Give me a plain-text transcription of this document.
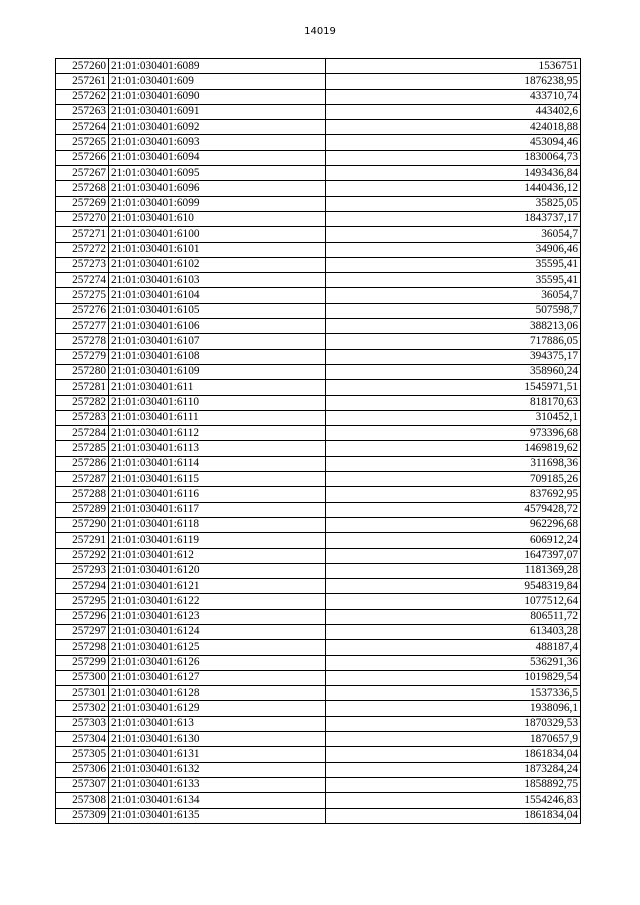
14019
257260	21:01:030401:6089	1536751
257261	21:01:030401:609	1876238,95
257262	21:01:030401:6090	433710,74
257263	21:01:030401:6091	443402,6
257264	21:01:030401:6092	424018,88
257265	21:01:030401:6093	453094,46
257266	21:01:030401:6094	1830064,73
257267	21:01:030401:6095	1493436,84
257268	21:01:030401:6096	1440436,12
257269	21:01:030401:6099	35825,05
257270	21:01:030401:610	1843737,17
257271	21:01:030401:6100	36054,7
257272	21:01:030401:6101	34906,46
257273	21:01:030401:6102	35595,41
257274	21:01:030401:6103	35595,41
257275	21:01:030401:6104	36054,7
257276	21:01:030401:6105	507598,7
257277	21:01:030401:6106	388213,06
257278	21:01:030401:6107	717886,05
257279	21:01:030401:6108	394375,17
257280	21:01:030401:6109	358960,24
257281	21:01:030401:611	1545971,51
257282	21:01:030401:6110	818170,63
257283	21:01:030401:6111	310452,1
257284	21:01:030401:6112	973396,68
257285	21:01:030401:6113	1469819,62
257286	21:01:030401:6114	311698,36
257287	21:01:030401:6115	709185,26
257288	21:01:030401:6116	837692,95
257289	21:01:030401:6117	4579428,72
257290	21:01:030401:6118	962296,68
257291	21:01:030401:6119	606912,24
257292	21:01:030401:612	1647397,07
257293	21:01:030401:6120	1181369,28
257294	21:01:030401:6121	9548319,84
257295	21:01:030401:6122	1077512,64
257296	21:01:030401:6123	806511,72
257297	21:01:030401:6124	613403,28
257298	21:01:030401:6125	488187,4
257299	21:01:030401:6126	536291,36
257300	21:01:030401:6127	1019829,54
257301	21:01:030401:6128	1537336,5
257302	21:01:030401:6129	1938096,1
257303	21:01:030401:613	1870329,53
257304	21:01:030401:6130	1870657,9
257305	21:01:030401:6131	1861834,04
257306	21:01:030401:6132	1873284,24
257307	21:01:030401:6133	1858892,75
257308	21:01:030401:6134	1554246,83
257309	21:01:030401:6135	1861834,04
